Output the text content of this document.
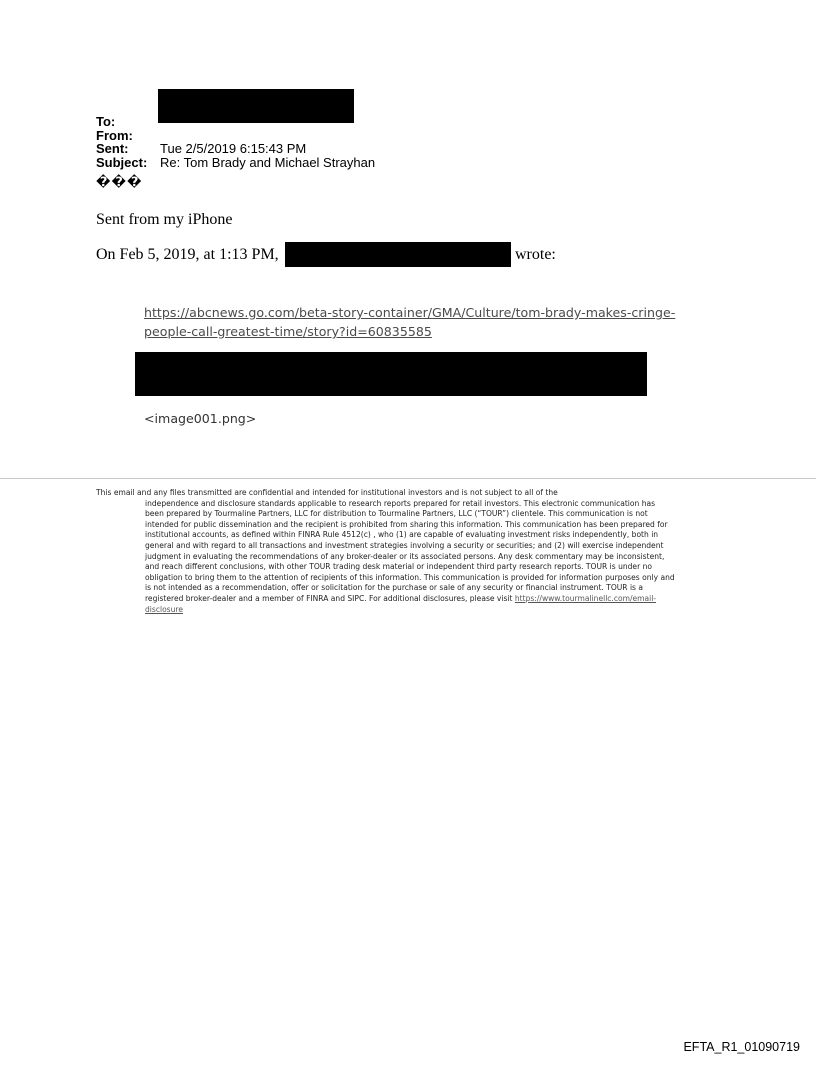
To:
From:
Sent:	Tue 2/5/2019 6:15:43 PM
Subject: Re: Tom Brady and Michael Strayhan
���
Sent from my iPhone
On Feb 5, 2019, at 1:13 PM,	wrote:
https://abcnews.go.com/beta-story-container/GMA/Culture/tom-brady-makes-cringe-people-call-greatest-time/story?id=60835585
<image001.png>
This email and any files transmitted are confidential and intended for institutional investors and is not subject to all of the
independence and disclosure standards applicable to research reports prepared for retail investors. This electronic communication has been prepared by Tourmaline Partners, LLC for distribution to Tourmaline Partners, LLC (“TOUR”) clientele. This communication is not intended for public dissemination and the recipient is prohibited from sharing this information. This communication has been prepared for institutional accounts, as defined within FINRA Rule 4512(c) , who (1) are capable of evaluating investment risks independently, both in general and with regard to all transactions and investment strategies involving a security or securities; and (2) will exercise independent judgment in evaluating the recommendations of any broker-dealer or its associated persons. Any desk commentary may be inconsistent, and reach different conclusions, with other TOUR trading desk material or independent third party research reports. TOUR is under no obligation to bring them to the attention of recipients of this information. This communication is provided for information purposes only and is not intended as a recommendation, offer or solicitation for the purchase or sale of any security or financial instrument. TOUR is a registered broker-dealer and a member of FINRA and SIPC. For additional disclosures, please visit https://www.tourmalinellc.com/email-disclosure
EFTA_R1_01090719
